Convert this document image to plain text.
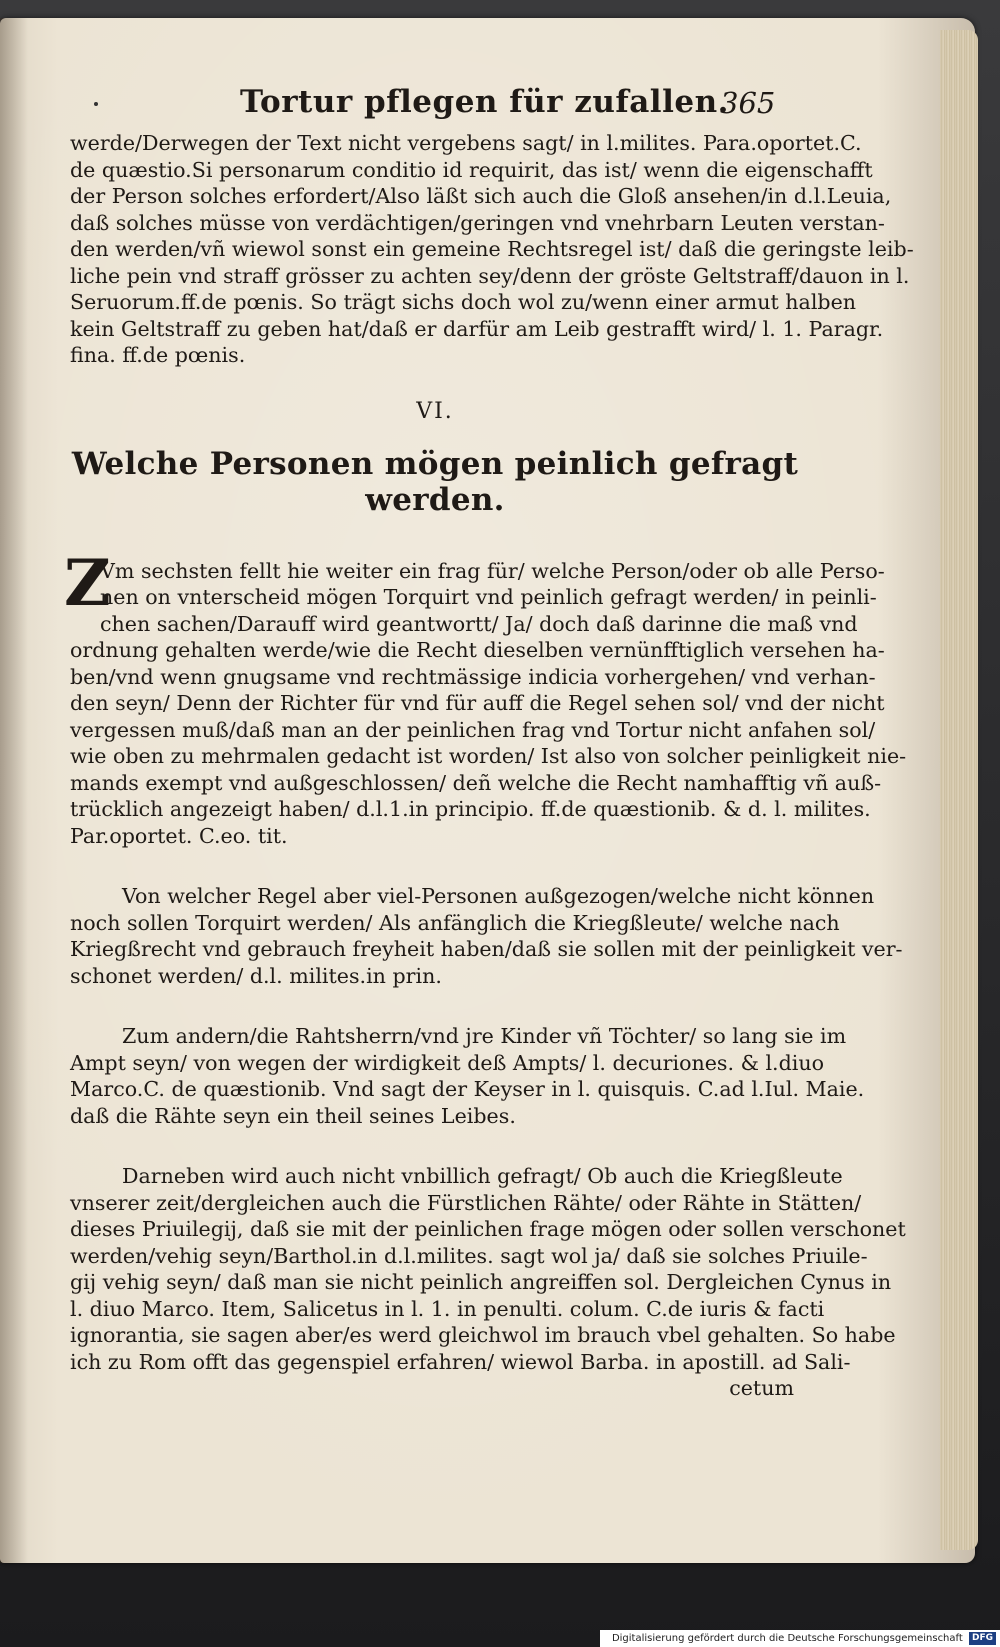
Tortur pflegen für zufallen.
365

werde/Derwegen der Text nicht vergebens sagt/ in l.milites. Para.oportet.C.
de quæstio.Si personarum conditio id requirit, das ist/ wenn die eigenschafft
der Person solches erfordert/Also läßt sich auch die Gloß ansehen/in d.l.Leuia,
daß solches müsse von verdächtigen/geringen vnd vnehrbarn Leuten verstan-
den werden/vñ wiewol sonst ein gemeine Rechtsregel ist/ daß die geringste leib-
liche pein vnd straff grösser zu achten sey/denn der gröste Geltstraff/dauon in l.
Seruorum.ff.de pœnis. So trägt sichs doch wol zu/wenn einer armut halben
kein Geltstraff zu geben hat/daß er darfür am Leib gestrafft wird/ l. 1. Paragr.
fina. ff.de pœnis.

VI.
Welche Personen mögen peinlich gefragt werden.
Z

Vm sechsten fellt hie weiter ein frag für/ welche Person/oder ob alle Perso-
nen on vnterscheid mögen Torquirt vnd peinlich gefragt werden/ in peinli-
chen sachen/Darauff wird geantwortt/ Ja/ doch daß darinne die maß vnd
ordnung gehalten werde/wie die Recht dieselben vernünfftiglich versehen ha-
ben/vnd wenn gnugsame vnd rechtmässige indicia vorhergehen/ vnd verhan-
den seyn/ Denn der Richter für vnd für auff die Regel sehen sol/ vnd der nicht
vergessen muß/daß man an der peinlichen frag vnd Tortur nicht anfahen sol/
wie oben zu mehrmalen gedacht ist worden/ Ist also von solcher peinligkeit nie-
mands exempt vnd außgeschlossen/ deñ welche die Recht namhafftig vñ auß-
trücklich angezeigt haben/ d.l.1.in principio. ff.de quæstionib. & d. l. milites.
Par.oportet. C.eo. tit.

Von welcher Regel aber viel-Personen außgezogen/welche nicht können
noch sollen Torquirt werden/ Als anfänglich die Kriegßleute/ welche nach
Kriegßrecht vnd gebrauch freyheit haben/daß sie sollen mit der peinligkeit ver-
schonet werden/ d.l. milites.in prin.

Zum andern/die Rahtsherrn/vnd jre Kinder vñ Töchter/ so lang sie im
Ampt seyn/ von wegen der wirdigkeit deß Ampts/ l. decuriones. & l.diuo
Marco.C. de quæstionib. Vnd sagt der Keyser in l. quisquis. C.ad l.Iul. Maie.
daß die Rähte seyn ein theil seines Leibes.

Darneben wird auch nicht vnbillich gefragt/ Ob auch die Kriegßleute
vnserer zeit/dergleichen auch die Fürstlichen Rähte/ oder Rähte in Stätten/
dieses Priuilegij, daß sie mit der peinlichen frage mögen oder sollen verschonet
werden/vehig seyn/Barthol.in d.l.milites. sagt wol ja/ daß sie solches Priuile-
gij vehig seyn/ daß man sie nicht peinlich angreiffen sol. Dergleichen Cynus in
l. diuo Marco. Item, Salicetus in l. 1. in penulti. colum. C.de iuris & facti
ignorantia, sie sagen aber/es werd gleichwol im brauch vbel gehalten. So habe
ich zu Rom offt das gegenspiel erfahren/ wiewol Barba. in apostill. ad Sali-

cetum

Digitalisierung gefördert durch die Deutsche Forschungsgemeinschaft DFG
